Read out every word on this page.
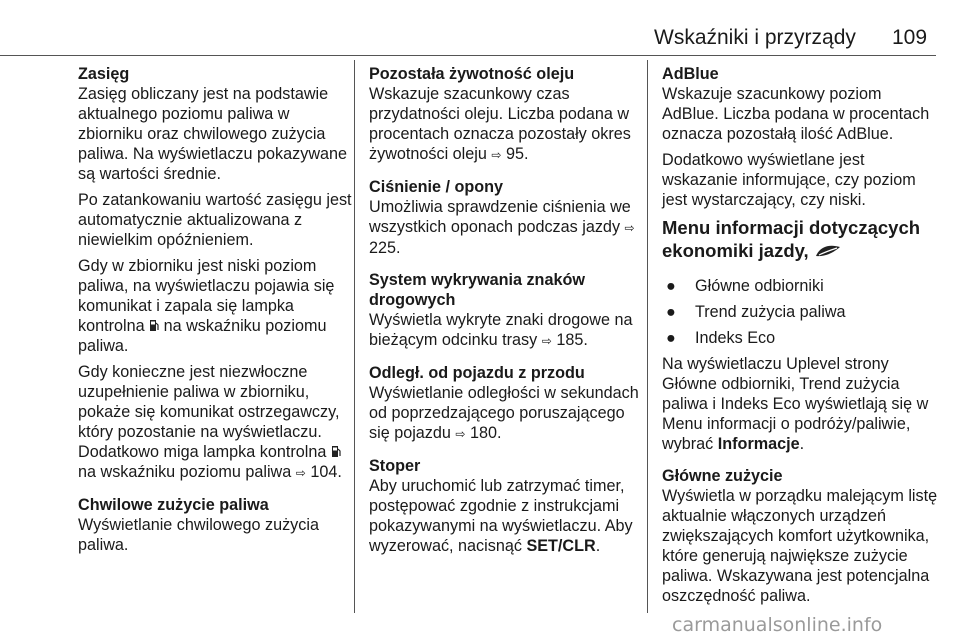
Wskaźniki i przyrządy 109
Zasięg

Zasięg obliczany jest na podstawie aktualnego poziomu paliwa w zbiorniku oraz chwilowego zużycia paliwa. Na wyświetlaczu pokazywane są wartości średnie.

Po zatankowaniu wartość zasięgu jest automatycznie aktualizowana z niewielkim opóźnieniem.

Gdy w zbiorniku jest niski poziom paliwa, na wyświetlaczu pojawia się komunikat i zapala się lampka kontrolna  na wskaźniku poziomu paliwa.

Gdy konieczne jest niezwłoczne uzupełnienie paliwa w zbiorniku, pokaże się komunikat ostrzegawczy, który pozostanie na wyświetlaczu. Dodatkowo miga lampka kontrolna  na wskaźniku poziomu paliwa ⇨ 104.

Chwilowe zużycie paliwa

Wyświetlanie chwilowego zużycia paliwa.

Pozostała żywotność oleju

Wskazuje szacunkowy czas przydatności oleju. Liczba podana w procentach oznacza pozostały okres żywotności oleju ⇨ 95.

Ciśnienie / opony

Umożliwia sprawdzenie ciśnienia we wszystkich oponach podczas jazdy ⇨ 225.

System wykrywania znaków drogowych

Wyświetla wykryte znaki drogowe na bieżącym odcinku trasy ⇨ 185.

Odległ. od pojazdu z przodu

Wyświetlanie odległości w sekundach od poprzedzającego poruszającego się pojazdu ⇨ 180.

Stoper

Aby uruchomić lub zatrzymać timer, postępować zgodnie z instrukcjami pokazywanymi na wyświetlaczu. Aby wyzerować, nacisnąć SET/CLR.

AdBlue

Wskazuje szacunkowy poziom AdBlue. Liczba podana w procentach oznacza pozostałą ilość AdBlue.

Dodatkowo wyświetlane jest wskazanie informujące, czy poziom jest wystarczający, czy niski.

Menu informacji dotyczących ekonomiki jazdy,
●	Główne odbiorniki
●	Trend zużycia paliwa
●	Indeks Eco

Na wyświetlaczu Uplevel strony Główne odbiorniki, Trend zużycia paliwa i Indeks Eco wyświetlają się w Menu informacji o podróży/paliwie, wybrać Informacje.

Główne zużycie

Wyświetla w porządku malejącym listę aktualnie włączonych urządzeń zwiększających komfort użytkownika, które generują największe zużycie paliwa. Wskazywana jest potencjalna oszczędność paliwa.

carmanualsonline.info
